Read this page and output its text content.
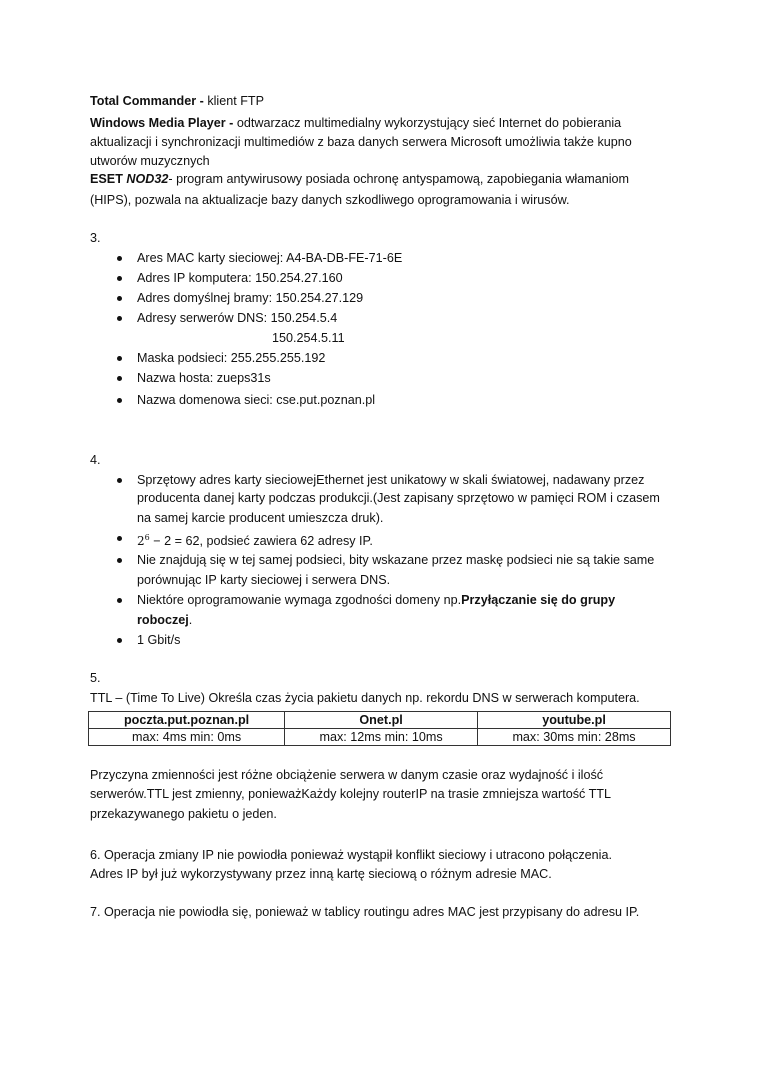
Total Commander - klient FTP
Windows Media Player - odtwarzacz multimedialny wykorzystujący sieć Internet do pobierania
aktualizacji i synchronizacji multimediów z baza danych serwera Microsoft umożliwia także kupno
utworów muzycznych
ESET NOD32- program antywirusowy posiada ochronę antyspamową, zapobiegania włamaniom
(HIPS), pozwala na aktualizacje bazy danych szkodliwego oprogramowania i wirusów.
3.
Ares MAC karty sieciowej: A4-BA-DB-FE-71-6E
Adres IP komputera: 150.254.27.160
Adres domyślnej bramy: 150.254.27.129
Adresy serwerów DNS: 150.254.5.4
150.254.5.11
Maska podsieci: 255.255.255.192
Nazwa hosta: zueps31s
Nazwa domenowa sieci: cse.put.poznan.pl
4.
Sprzętowy adres karty sieciowejEthernet jest unikatowy w skali światowej, nadawany przez
producenta danej karty podczas produkcji.(Jest zapisany sprzętowo w pamięci ROM i czasem
na samej karcie producent umieszcza druk).
$2^6 - 2 = 62$, podsieć zawiera 62 adresy IP.
Nie znajdują się w tej samej podsieci, bity wskazane przez maskę podsieci nie są takie same
porównując IP karty sieciowej i serwera DNS.
Niektóre oprogramowanie wymaga zgodności domeny np.Przyłączanie się do grupy
roboczej.
1 Gbit/s
5.
TTL – (Time To Live) Określa czas życia pakietu danych np. rekordu DNS w serwerach komputera.
poczta.put.poznan.pl	Onet.pl	youtube.pl
max: 4ms min: 0ms	max: 12ms min: 10ms	max: 30ms min: 28ms
Przyczyna zmienności jest różne obciążenie serwera w danym czasie oraz wydajność i ilość
serwerów.TTL jest zmienny, ponieważKażdy kolejny routerIP na trasie zmniejsza wartość TTL
przekazywanego pakietu o jeden.
6. Operacja zmiany IP nie powiodła ponieważ wystąpił konflikt sieciowy i utracono połączenia.
Adres IP był już wykorzystywany przez inną kartę sieciową o różnym adresie MAC.
7. Operacja nie powiodła się, ponieważ w tablicy routingu adres MAC jest przypisany do adresu IP.
